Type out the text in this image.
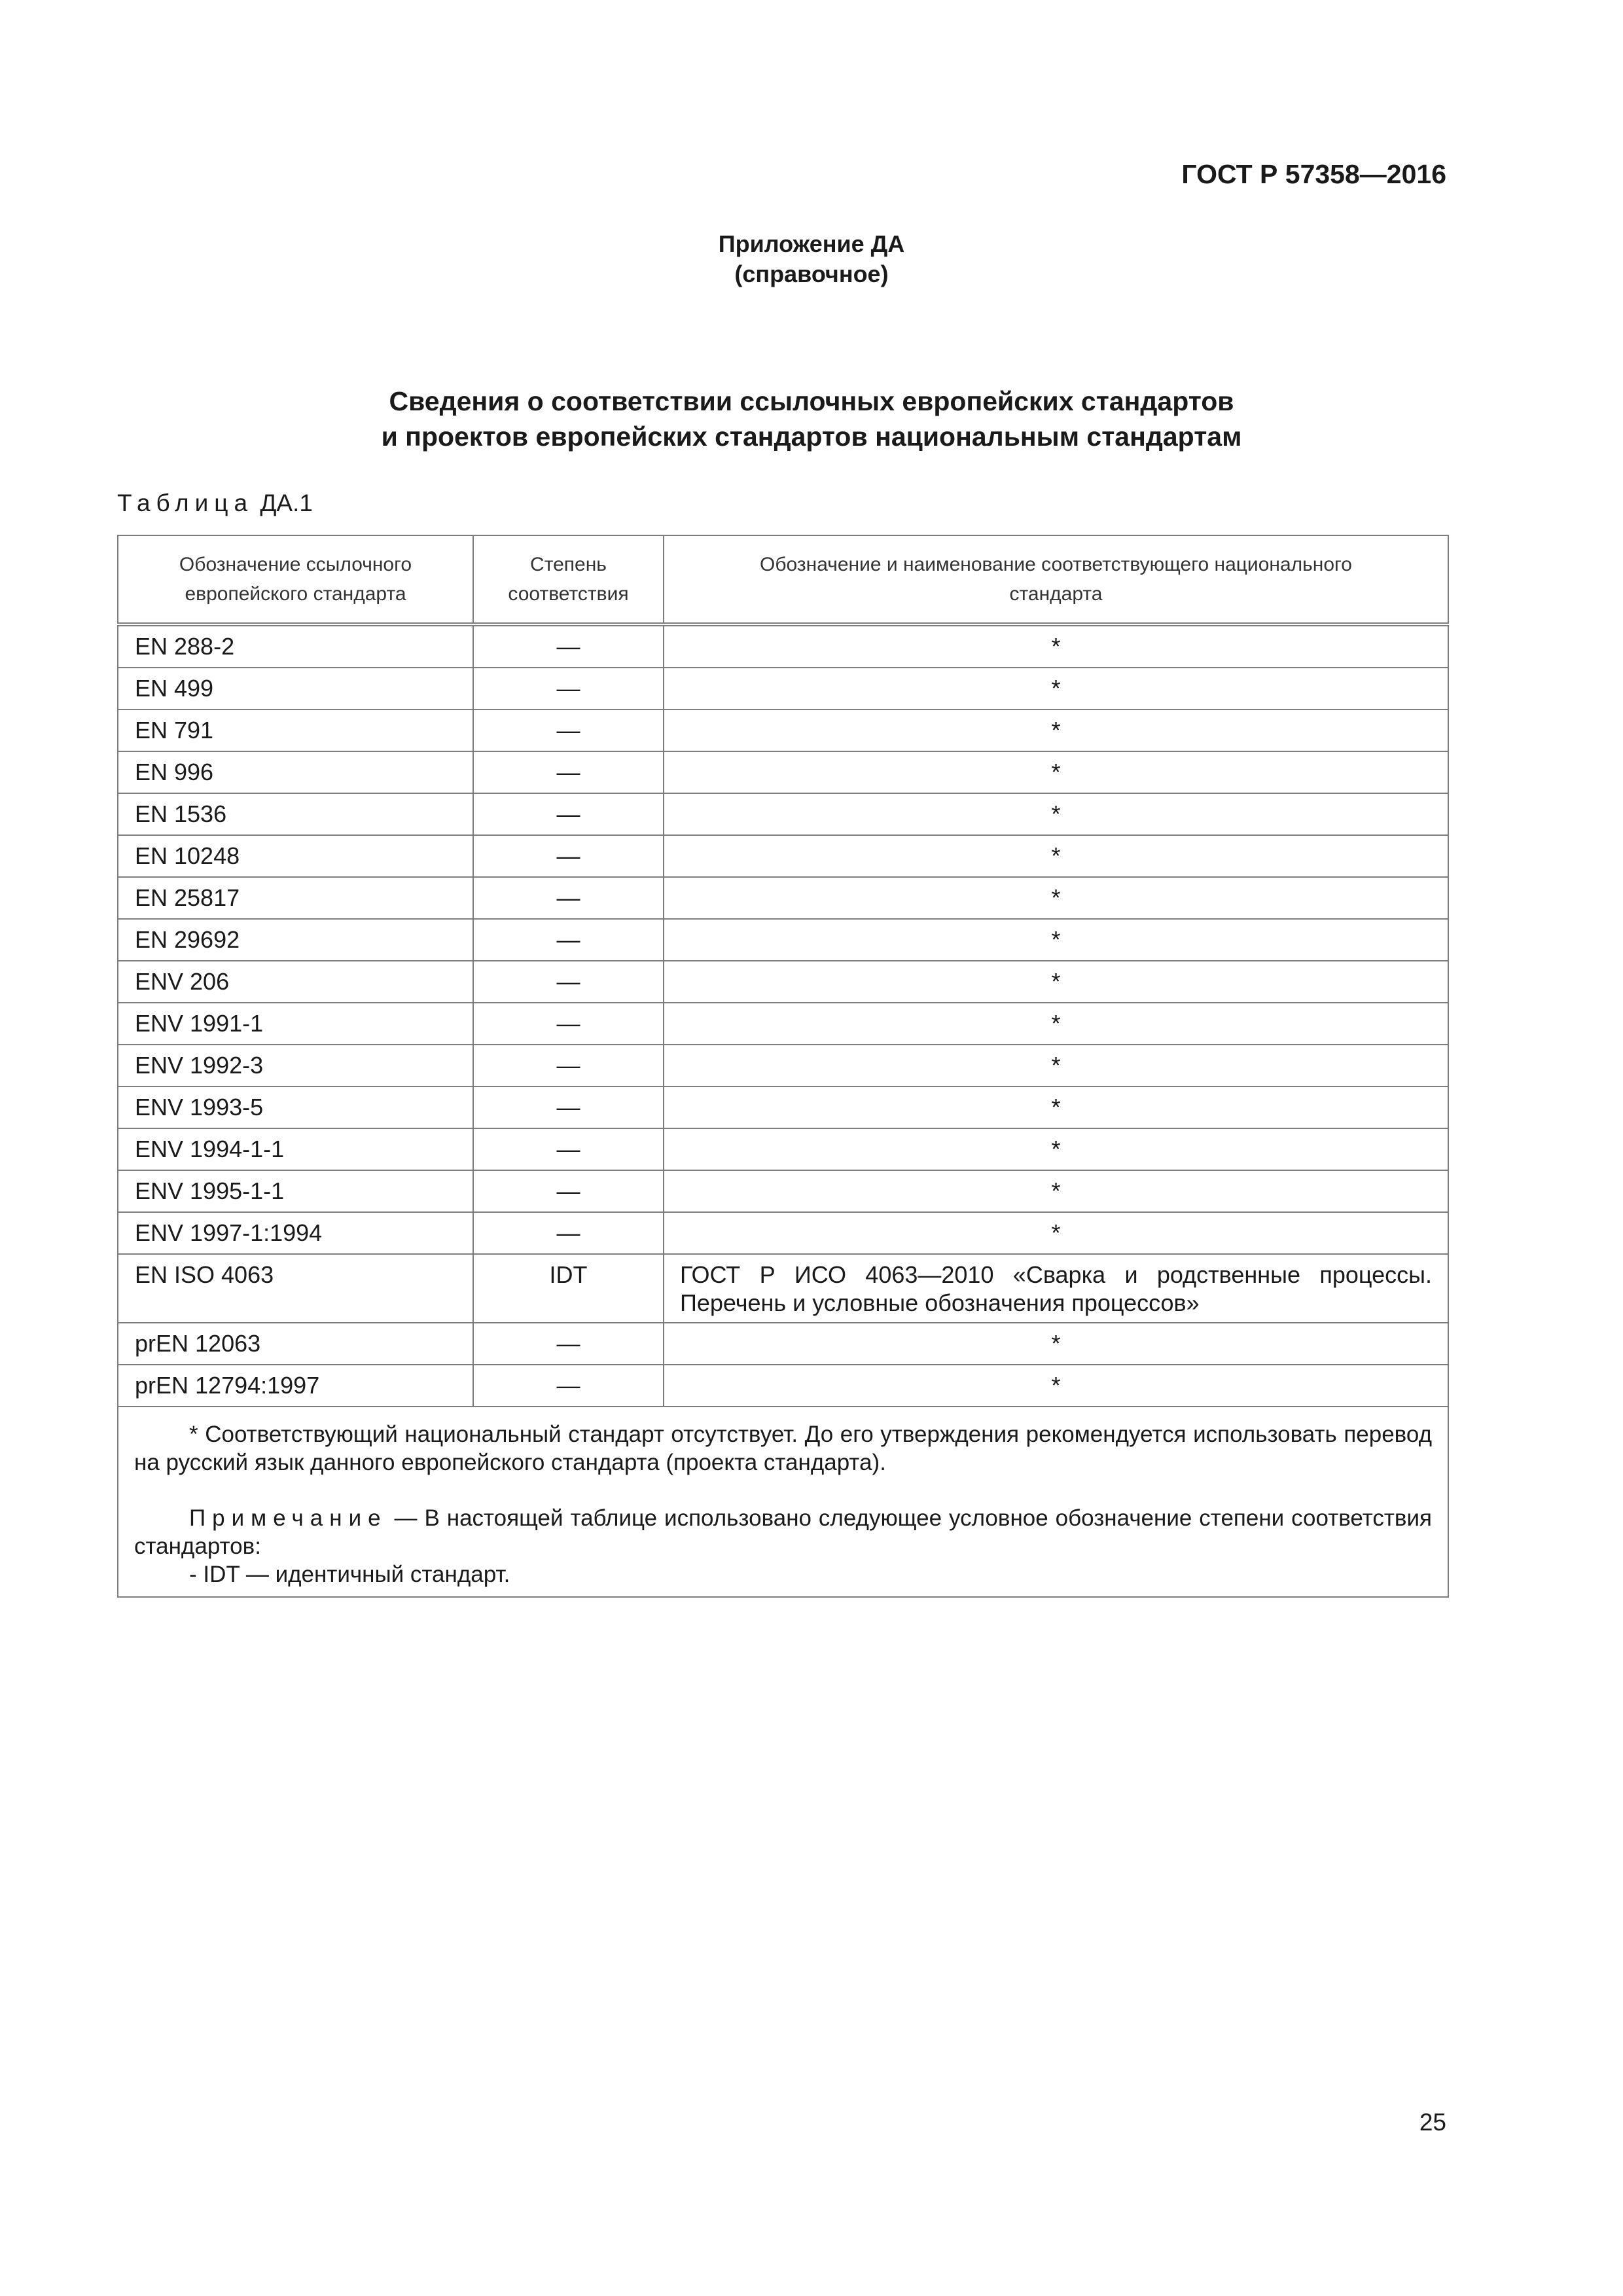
ГОСТ Р 57358—2016
Приложение ДА
(справочное)
Сведения о соответствии ссылочных европейских стандартов
и проектов европейских стандартов национальным стандартам
Таблица ДА.1
Обозначение ссылочного европейского стандарта	Степень соответствия	Обозначение и наименование соответствующего национального стандарта
EN 288-2	—	*
EN 499	—	*
EN 791	—	*
EN 996	—	*
EN 1536	—	*
EN 10248	—	*
EN 25817	—	*
EN 29692	—	*
ENV 206	—	*
ENV 1991-1	—	*
ENV 1992-3	—	*
ENV 1993-5	—	*
ENV 1994-1-1	—	*
ENV 1995-1-1	—	*
ENV 1997-1:1994	—	*
EN ISO 4063	IDT	ГОСТ Р ИСО 4063—2010 «Сварка и родственные процессы. Перечень и условные обозначения процессов»
prEN 12063	—	*
prEN 12794:1997	—	*

* Соответствующий национальный стандарт отсутствует. До его утверждения рекомендуется использовать перевод на русский язык данного европейского стандарта (проекта стандарта).

Примечание — В настоящей таблице использовано следующее условное обозначение степени соответствия стандартов:

- IDT — идентичный стандарт.		

25
